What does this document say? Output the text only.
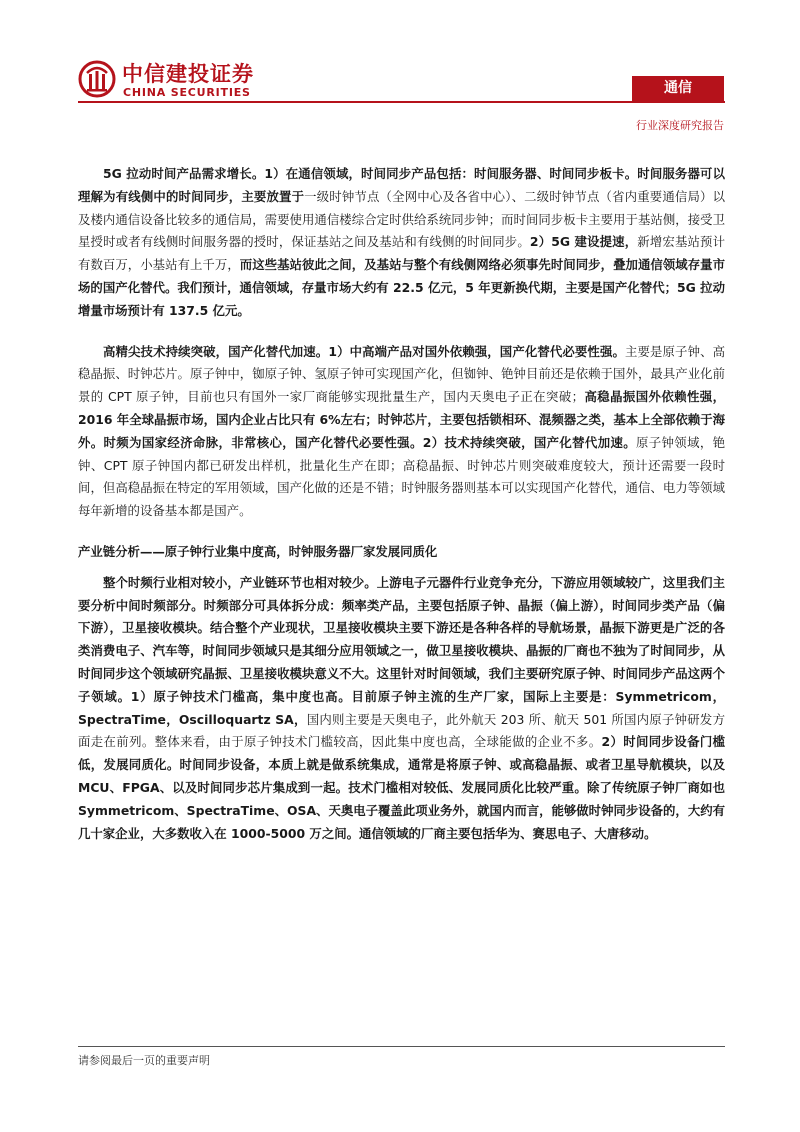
中信建投证券
CHINA SECURITIES	通信
行业深度研究报告

5G 拉动时间产品需求增长。1）在通信领域，时间同步产品包括：时间服务器、时间同步板卡。时间服务器可以理解为有线侧中的时间同步，主要放置于一级时钟节点（全网中心及各省中心）、二级时钟节点（省内重要通信局）以及楼内通信设备比较多的通信局，需要使用通信楼综合定时供给系统同步钟；而时间同步板卡主要用于基站侧，接受卫星授时或者有线侧时间服务器的授时，保证基站之间及基站和有线侧的时间同步。2）5G 建设提速，新增宏基站预计有数百万，小基站有上千万，而这些基站彼此之间，及基站与整个有线侧网络必须事先时间同步，叠加通信领域存量市场的国产化替代。我们预计，通信领域，存量市场大约有 22.5 亿元，5 年更新换代期，主要是国产化替代；5G 拉动增量市场预计有 137.5 亿元。

高精尖技术持续突破，国产化替代加速。1）中高端产品对国外依赖强，国产化替代必要性强。主要是原子钟、高稳晶振、时钟芯片。原子钟中，铷原子钟、氢原子钟可实现国产化，但铷钟、铯钟目前还是依赖于国外，最具产业化前景的 CPT 原子钟，目前也只有国外一家厂商能够实现批量生产，国内天奥电子正在突破；高稳晶振国外依赖性强，2016 年全球晶振市场，国内企业占比只有 6%左右；时钟芯片，主要包括锁相环、混频器之类，基本上全部依赖于海外。时频为国家经济命脉，非常核心，国产化替代必要性强。2）技术持续突破，国产化替代加速。原子钟领域，铯钟、CPT 原子钟国内都已研发出样机，批量化生产在即；高稳晶振、时钟芯片则突破难度较大，预计还需要一段时间，但高稳晶振在特定的军用领域，国产化做的还是不错；时钟服务器则基本可以实现国产化替代，通信、电力等领域每年新增的设备基本都是国产。

产业链分析——原子钟行业集中度高，时钟服务器厂家发展同质化

整个时频行业相对较小，产业链环节也相对较少。上游电子元器件行业竞争充分，下游应用领域较广，这里我们主要分析中间时频部分。时频部分可具体拆分成：频率类产品，主要包括原子钟、晶振（偏上游），时间同步类产品（偏下游），卫星接收模块。结合整个产业现状，卫星接收模块主要下游还是各种各样的导航场景，晶振下游更是广泛的各类消费电子、汽车等，时间同步领域只是其细分应用领域之一，做卫星接收模块、晶振的厂商也不独为了时间同步，从时间同步这个领域研究晶振、卫星接收模块意义不大。这里针对时间领域，我们主要研究原子钟、时间同步产品这两个子领域。1）原子钟技术门槛高，集中度也高。目前原子钟主流的生产厂家，国际上主要是：Symmetricom，SpectraTime，Oscilloquartz SA，国内则主要是天奥电子，此外航天 203 所、航天 501 所国内原子钟研发方面走在前列。整体来看，由于原子钟技术门槛较高，因此集中度也高，全球能做的企业不多。2）时间同步设备门槛低，发展同质化。时间同步设备，本质上就是做系统集成，通常是将原子钟、或高稳晶振、或者卫星导航模块，以及 MCU、FPGA、以及时间同步芯片集成到一起。技术门槛相对较低、发展同质化比较严重。除了传统原子钟厂商如也 Symmetricom、SpectraTime、OSA、天奥电子覆盖此项业务外，就国内而言，能够做时钟同步设备的，大约有几十家企业，大多数收入在 1000-5000 万之间。通信领域的厂商主要包括华为、赛思电子、大唐移动。

请参阅最后一页的重要声明
